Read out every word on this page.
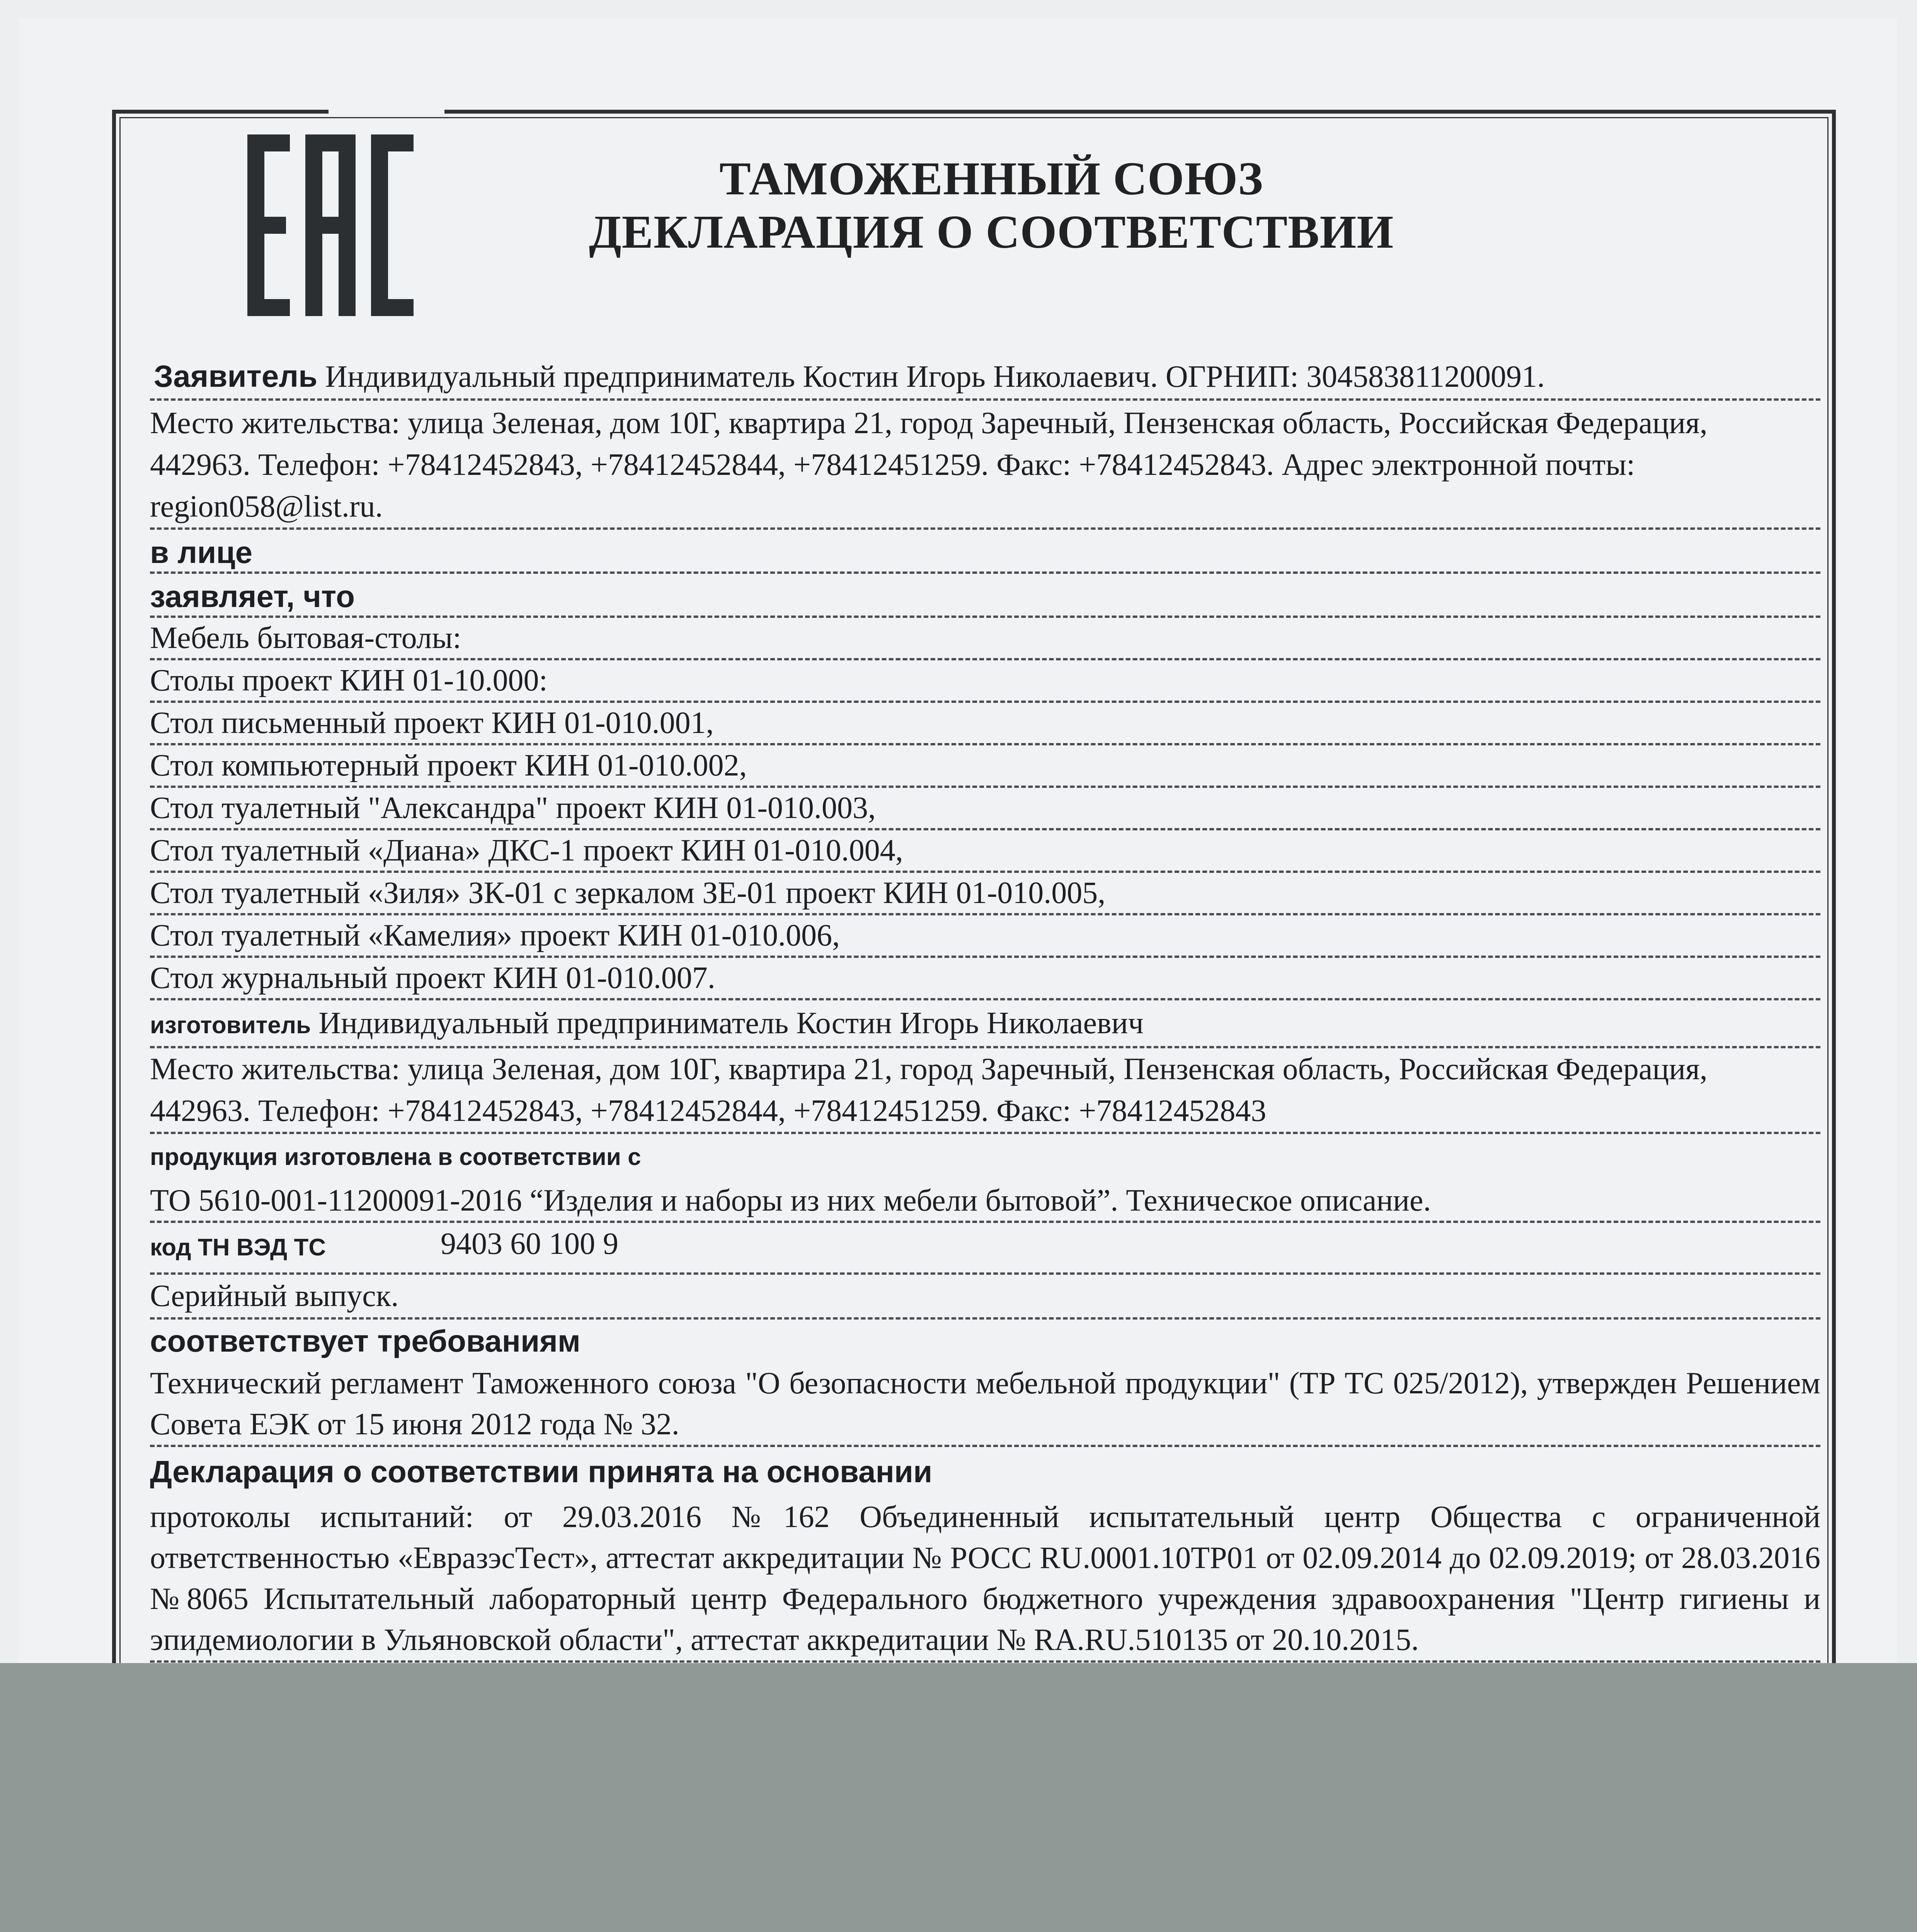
ТАМОЖЕННЫЙ СОЮЗ
ДЕКЛАРАЦИЯ О СООТВЕТСТВИИ
Заявитель Индивидуальный предприниматель Костин Игорь Николаевич. ОГРНИП: 304583811200091.
Место жительства: улица Зеленая, дом 10Г, квартира 21, город Заречный, Пензенская область, Российская Федерация,
442963. Телефон: +78412452843, +78412452844, +78412451259. Факс: +78412452843. Адрес электронной почты:
region058@list.ru.
в лице
заявляет, что
Мебель бытовая-столы:
Столы проект КИН 01-10.000:
Стол письменный проект КИН 01-010.001,
Стол компьютерный проект КИН 01-010.002,
Стол туалетный "Александра" проект КИН 01-010.003,
Стол туалетный «Диана» ДКС-1 проект КИН 01-010.004,
Стол туалетный «Зиля» ЗК-01 с зеркалом ЗЕ-01 проект КИН 01-010.005,
Стол туалетный «Камелия» проект КИН 01-010.006,
Стол журнальный проект КИН 01-010.007.
изготовитель Индивидуальный предприниматель Костин Игорь Николаевич
Место жительства: улица Зеленая, дом 10Г, квартира 21, город Заречный, Пензенская область, Российская Федерация,
442963. Телефон: +78412452843, +78412452844, +78412451259. Факс: +78412452843
продукция изготовлена в соответствии с
ТО 5610-001-11200091-2016 “Изделия и наборы из них мебели бытовой”. Техническое описание.
код ТН ВЭД ТС	9403 60 100 9
Серийный выпуск.
соответствует требованиям
Технический регламент Таможенного союза "О безопасности мебельной продукции" (ТР ТС 025/2012), утвержден Решением Совета ЕЭК от 15 июня 2012 года № 32.
Декларация о соответствии принята на основании
протоколы испытаний: от 29.03.2016 №162 Объединенный испытательный центр Общества с ограниченной ответственностью «ЕвразэсТест», аттестат аккредитации № РОСС RU.0001.10ТР01 от 02.09.2014 до 02.09.2019; от 28.03.2016 №8065 Испытательный лабораторный центр Федерального бюджетного учреждения здравоохранения "Центр гигиены и эпидемиологии в Ульяновской области", аттестат аккредитации № RA.RU.510135 от 20.10.2015.
